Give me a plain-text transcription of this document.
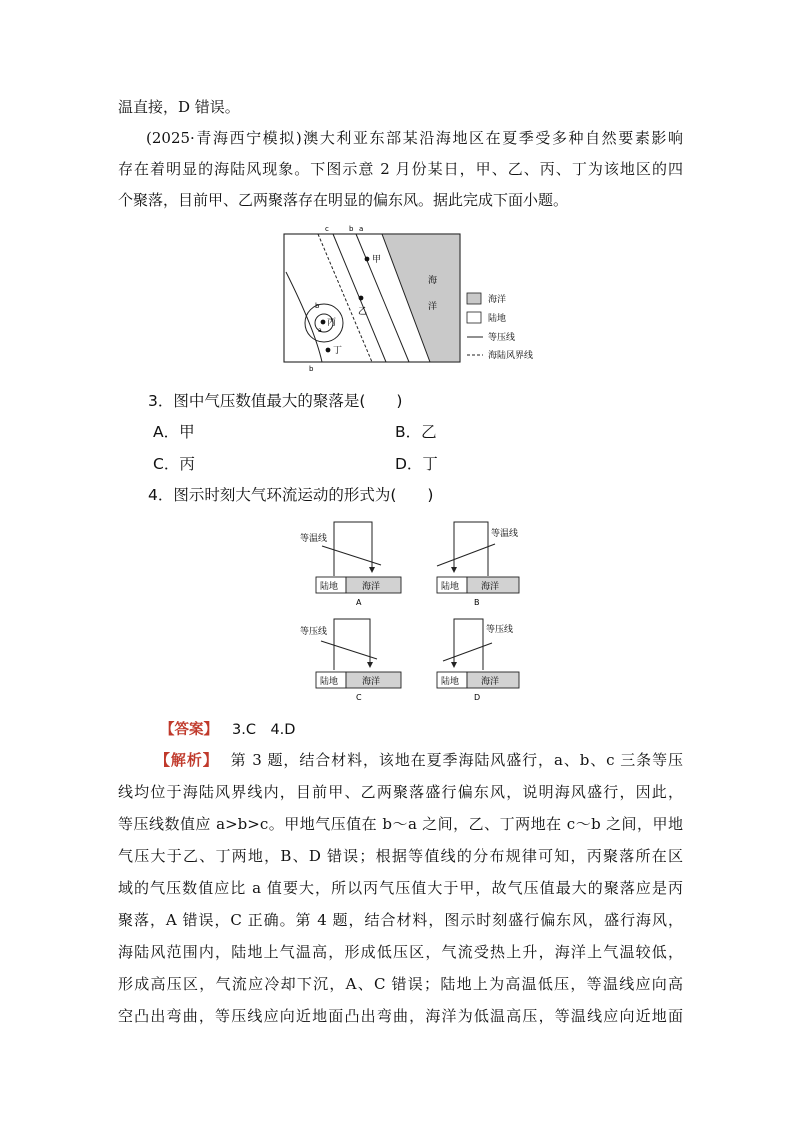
温直接，D 错误。

(2025·青海西宁模拟)澳大利亚东部某沿海地区在夏季受多种自然要素影响

存在着明显的海陆风现象。下图示意 2 月份某日，甲、乙、丙、丁为该地区的四

个聚落，目前甲、乙两聚落存在明显的偏东风。据此完成下面小题。

海
洋
c	b a
b
b
a
甲
乙
丙
丁
海洋
陆地
等压线
海陆风界线

3．图中气压数值最大的聚落是(　　)

A．甲	B．乙

C．丙	D．丁

4．图示时刻大气环流运动的形式为(　　)

等温线
陆地	海洋
A
等温线
陆地 海洋
B
等压线
陆地	海洋
C
等压线
陆地 海洋
D

【答案】 3.C　4.D

【解析】 第 3 题，结合材料，该地在夏季海陆风盛行，a、b、c 三条等压

线均位于海陆风界线内，目前甲、乙两聚落盛行偏东风，说明海风盛行，因此，

等压线数值应 a>b>c。甲地气压值在 b～a 之间，乙、丁两地在 c～b 之间，甲地

气压大于乙、丁两地，B、D 错误；根据等值线的分布规律可知，丙聚落所在区

域的气压数值应比 a 值要大，所以丙气压值大于甲，故气压值最大的聚落应是丙

聚落，A 错误，C 正确。第 4 题，结合材料，图示时刻盛行偏东风，盛行海风，

海陆风范围内，陆地上气温高，形成低压区，气流受热上升，海洋上气温较低，

形成高压区，气流应冷却下沉，A、C 错误；陆地上为高温低压，等温线应向高

空凸出弯曲，等压线应向近地面凸出弯曲，海洋为低温高压，等温线应向近地面
